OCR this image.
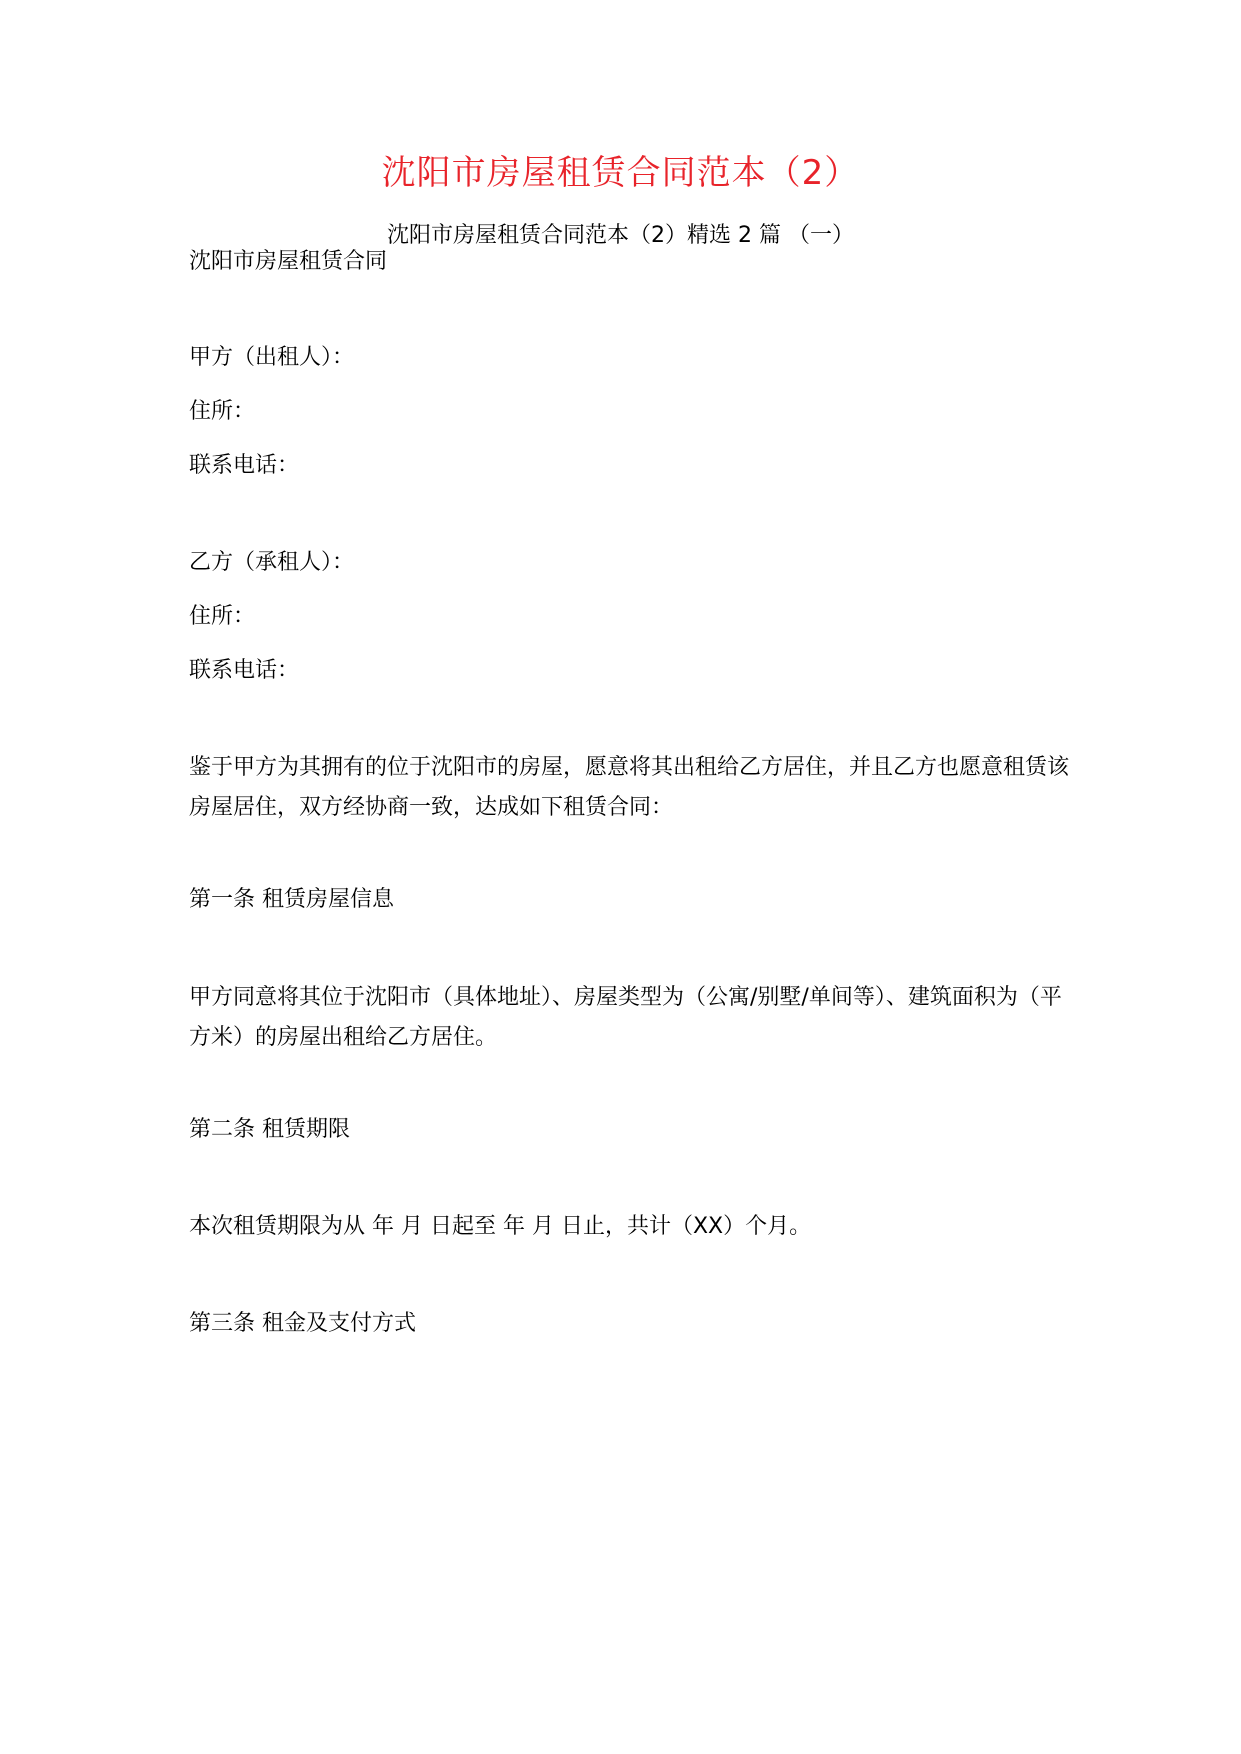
沈阳市房屋租赁合同范本（2）
沈阳市房屋租赁合同范本（2）精选 2 篇 （一）
沈阳市房屋租赁合同
甲方（出租人）：
住所：
联系电话：
乙方（承租人）：
住所：
联系电话：
鉴于甲方为其拥有的位于沈阳市的房屋，愿意将其出租给乙方居住，并且乙方也愿意租赁该房屋居住，双方经协商一致，达成如下租赁合同：
第一条 租赁房屋信息
甲方同意将其位于沈阳市（具体地址）、房屋类型为（公寓/别墅/单间等）、建筑面积为（平方米）的房屋出租给乙方居住。
第二条 租赁期限
本次租赁期限为从 年 月 日起至 年 月 日止，共计（XX）个月。
第三条 租金及支付方式
